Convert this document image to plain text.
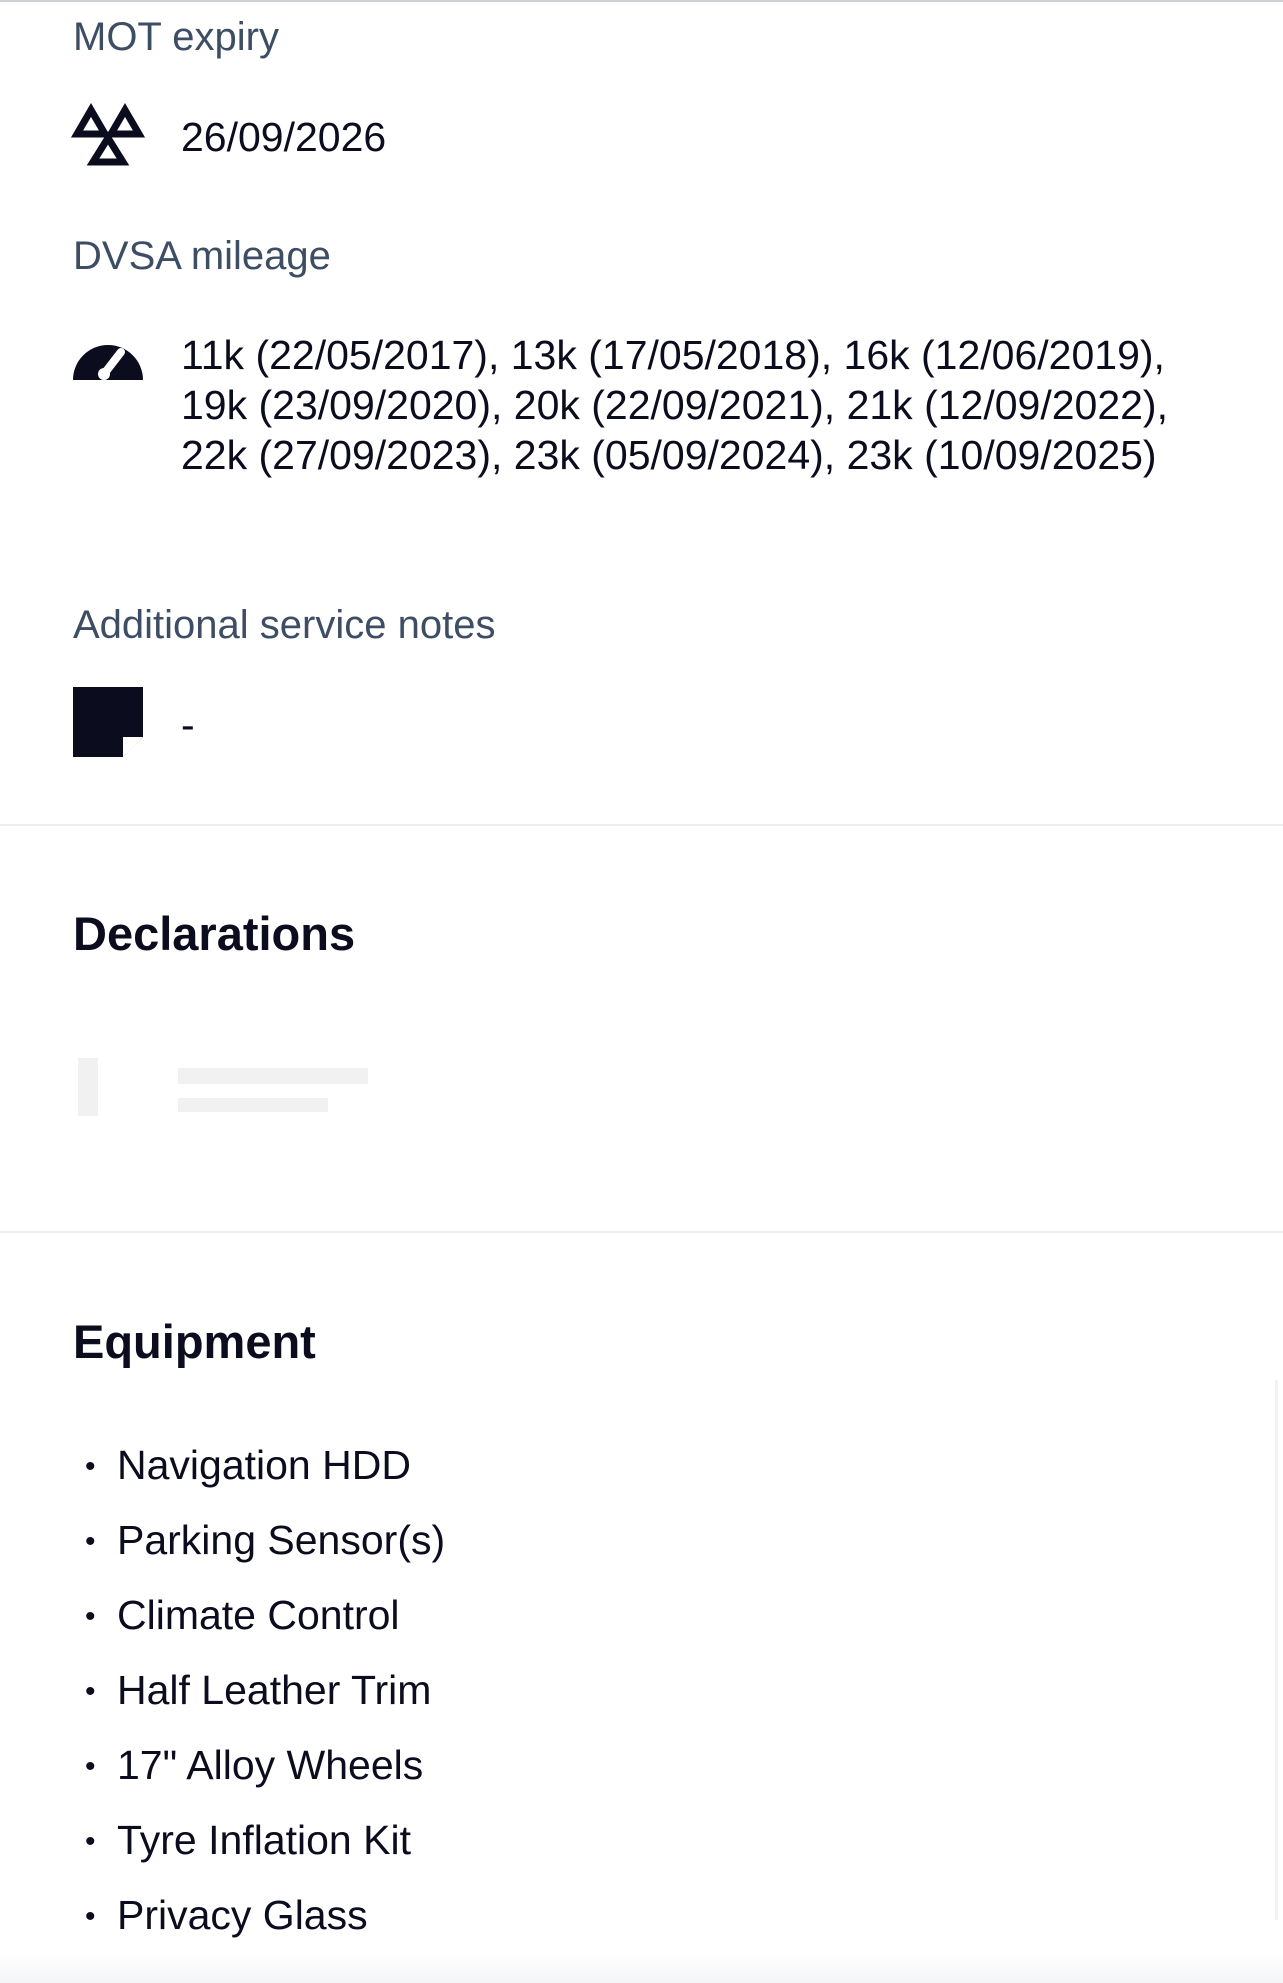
MOT expiry
26/09/2026
DVSA mileage
11k (22/05/2017), 13k (17/05/2018), 16k (12/06/2019), 19k (23/09/2020), 20k (22/09/2021), 21k (12/09/2022), 22k (27/09/2023), 23k (05/09/2024), 23k (10/09/2025)
Additional service notes
-
Declarations
Equipment
• Navigation HDD
• Parking Sensor(s)
• Climate Control
• Half Leather Trim
• 17" Alloy Wheels
• Tyre Inflation Kit
• Privacy Glass
